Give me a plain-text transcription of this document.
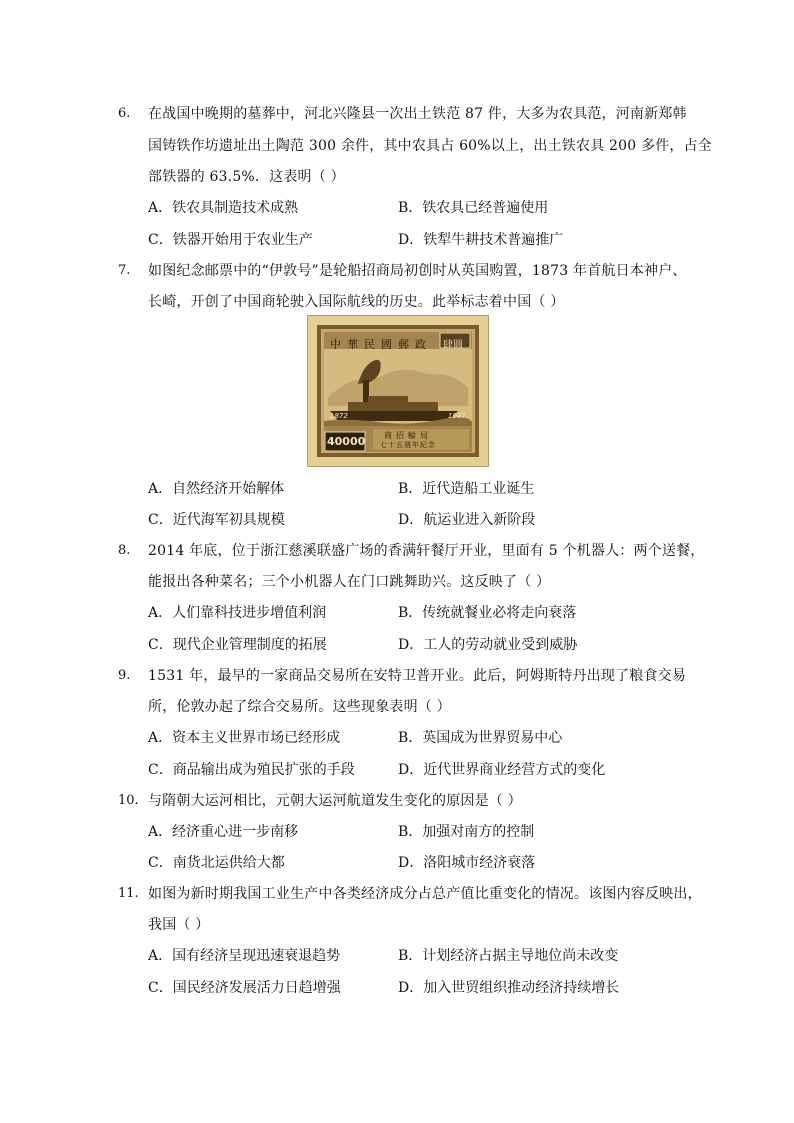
6. 在战国中晚期的墓葬中，河北兴隆县一次出土铁范 87 件，大多为农具范，河南新郑韩
国铸铁作坊遗址出土陶范 300 余件，其中农具占 60%以上，出土铁农具 200 多件，占全
部铁器的 63.5%．这表明（ ）
A．铁农具制造技术成熟	B．铁农具已经普遍使用
C．铁器开始用于农业生产	D．铁犁牛耕技术普遍推广
7. 如图纪念邮票中的“伊敦号”是轮船招商局初创时从英国购置，1873 年首航日本神户、
长崎，开创了中国商轮驶入国际航线的历史。此举标志着中国（ ）
中華民國郵政 肆圓
1872	1947
40000 商招輪局
七十五週年紀念
A．自然经济开始解体	B．近代造船工业诞生
C．近代海军初具规模	D．航运业进入新阶段
8. 2014 年底，位于浙江慈溪联盛广场的香满轩餐厅开业，里面有 5 个机器人：两个送餐，
能报出各种菜名；三个小机器人在门口跳舞助兴。这反映了（ ）
A．人们靠科技进步增值利润	B．传统就餐业必将走向衰落
C．现代企业管理制度的拓展	D．工人的劳动就业受到威胁
9. 1531 年，最早的一家商品交易所在安特卫普开业。此后，阿姆斯特丹出现了粮食交易
所，伦敦办起了综合交易所。这些现象表明（ ）
A．资本主义世界市场已经形成	B．英国成为世界贸易中心
C．商品输出成为殖民扩张的手段	D．近代世界商业经营方式的变化
10. 与隋朝大运河相比，元朝大运河航道发生变化的原因是（ ）
A．经济重心进一步南移	B．加强对南方的控制
C．南货北运供给大都	D．洛阳城市经济衰落
11. 如图为新时期我国工业生产中各类经济成分占总产值比重变化的情况。该图内容反映出，
我国（ ）
A．国有经济呈现迅速衰退趋势	B．计划经济占据主导地位尚未改变
C．国民经济发展活力日趋增强	D．加入世贸组织推动经济持续增长
